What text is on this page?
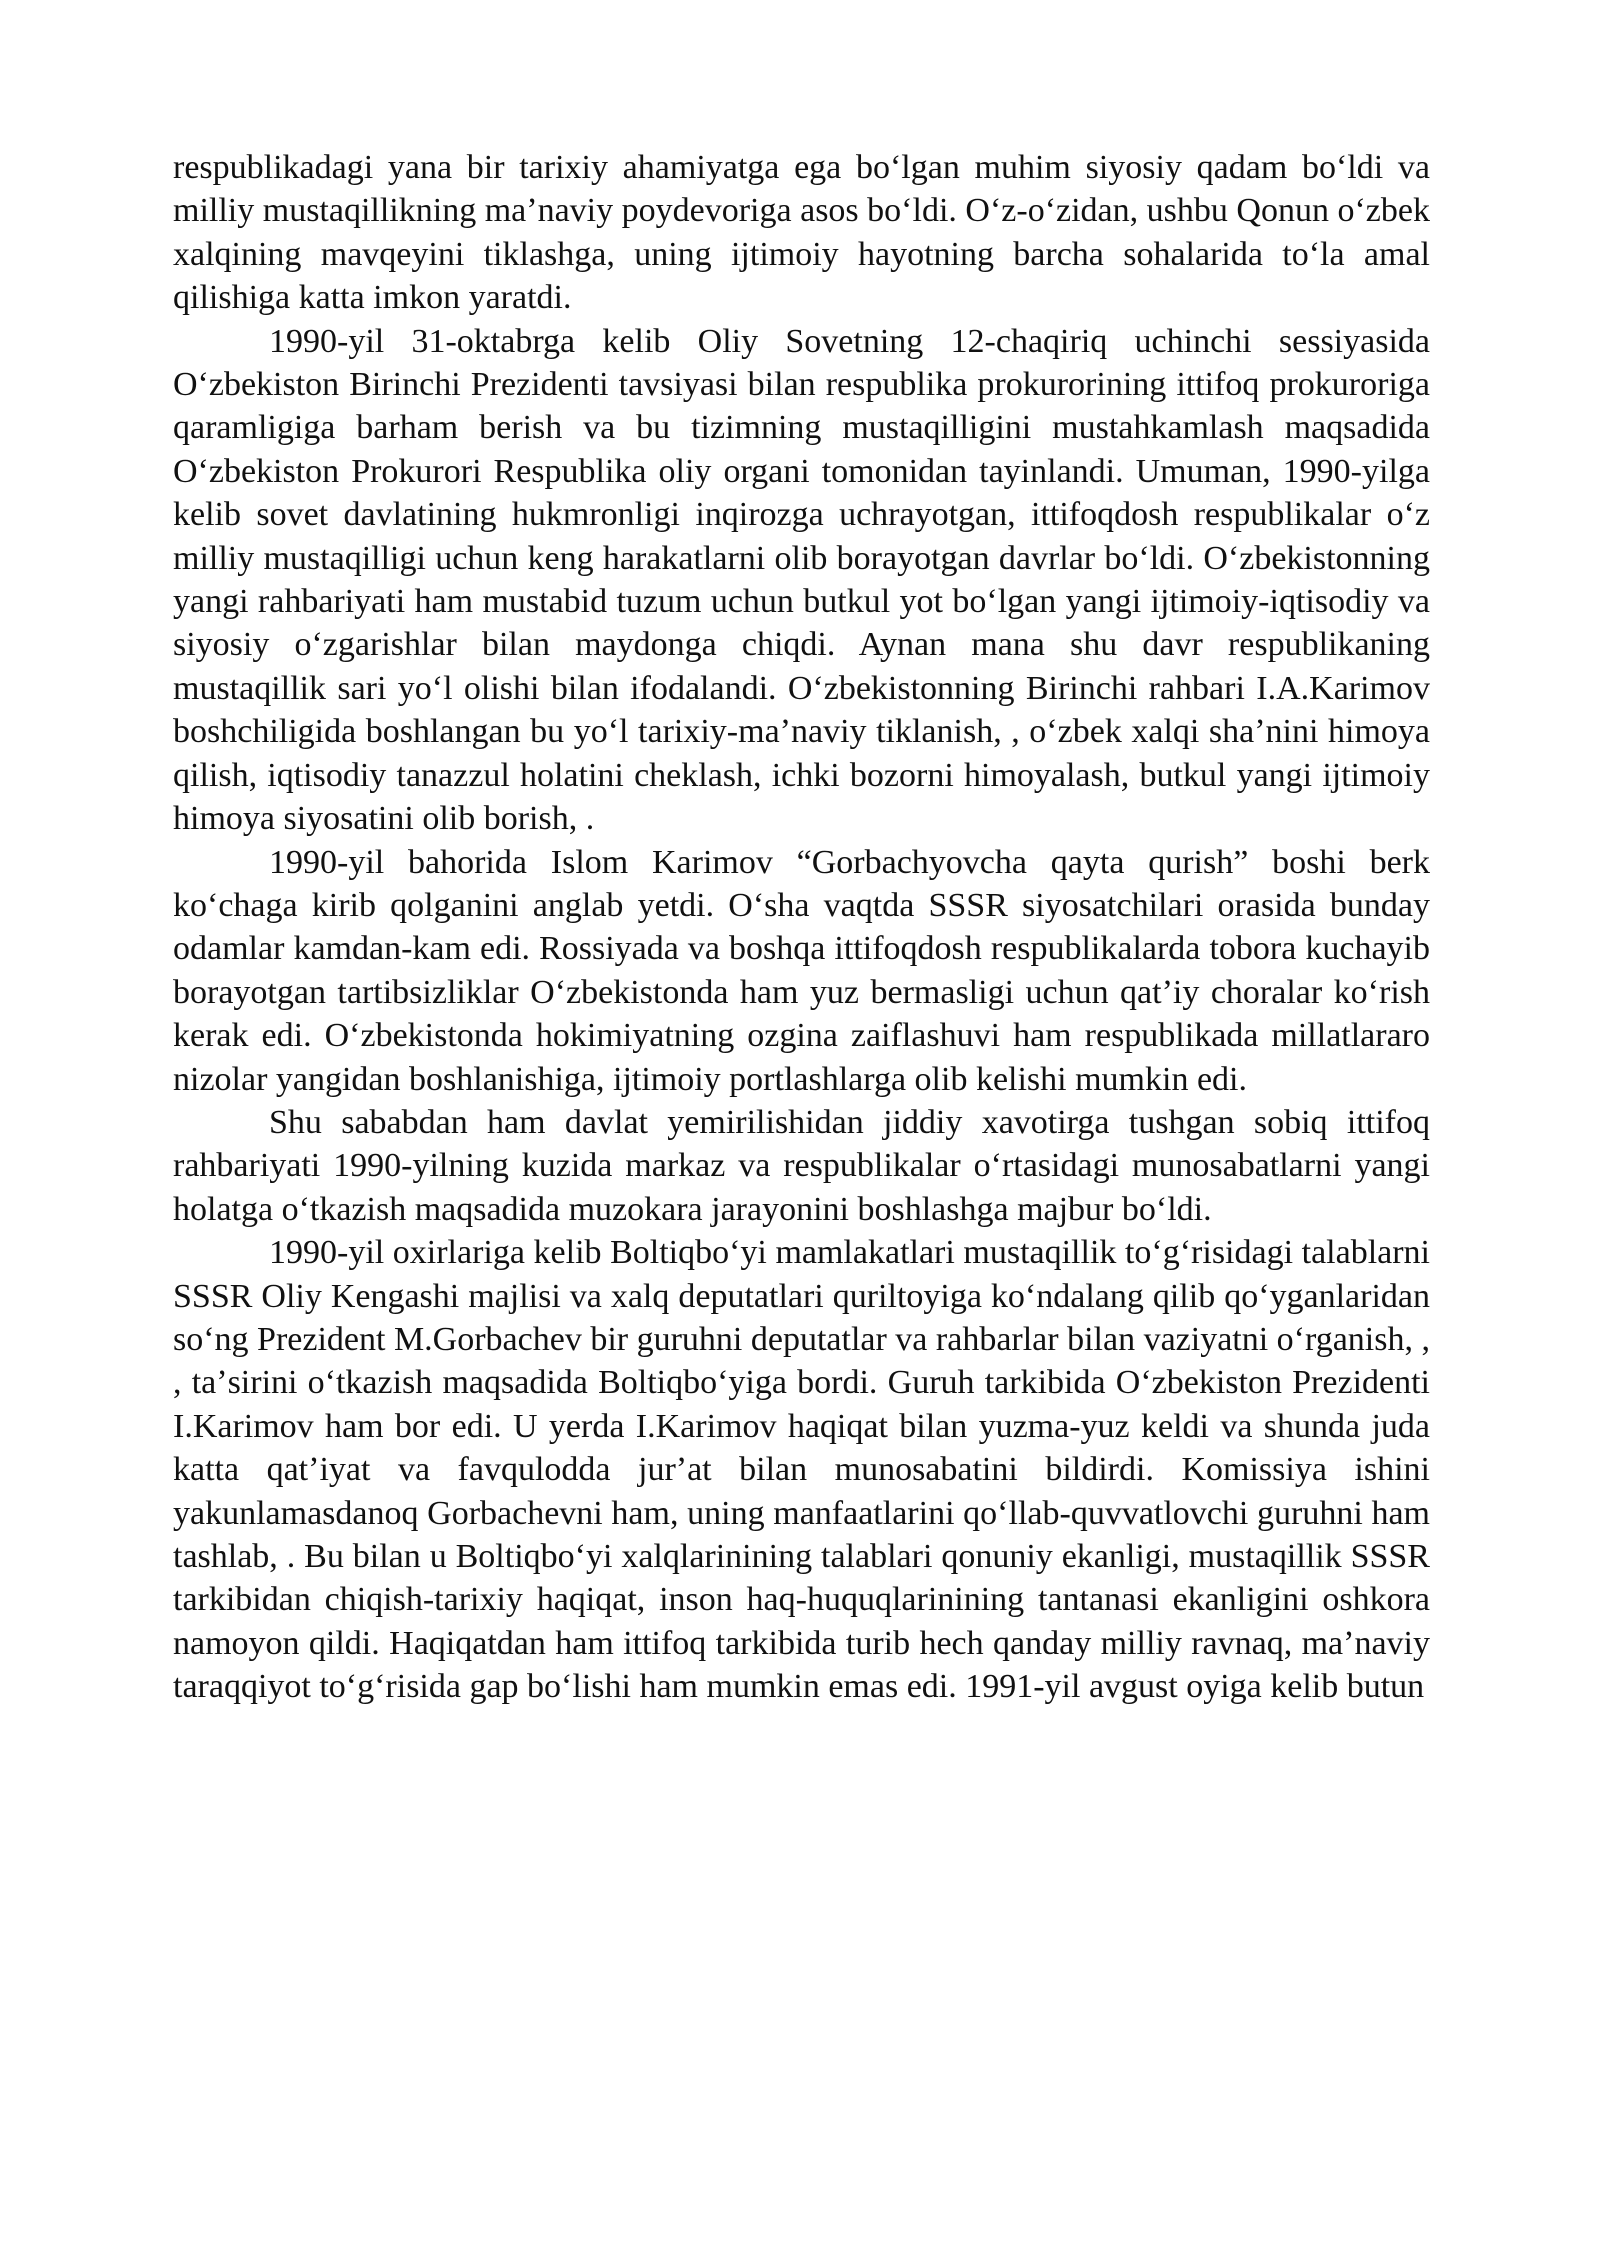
respublikadagi yana bir tarixiy ahamiyatga ega boʻlgan muhim siyosiy qadam boʻldi va milliy mustaqillikning maʼnaviy poydevoriga asos boʻldi. Oʻz-oʻzidan, ushbu Qonun oʻzbek xalqining mavqeyini tiklashga, uning ijtimoiy hayotning barcha sohalarida toʻla amal qilishiga katta imkon yaratdi.

1990-yil 31-oktabrga kelib Oliy Sovetning 12-chaqiriq uchinchi sessiyasida Oʻzbekiston Birinchi Prezidenti tavsiyasi bilan respublika prokurorining ittifoq prokuroriga qaramligiga barham berish va bu tizimning mustaqilligini mustahkamlash maqsadida Oʻzbekiston Prokurori Respublika oliy organi tomonidan tayinlandi. Umuman, 1990-yilga kelib sovet davlatining hukmronligi inqirozga uchrayotgan, ittifoqdosh respublikalar oʻz milliy mustaqilligi uchun keng harakatlarni olib borayotgan davrlar boʻldi. Oʻzbekistonning yangi rahbariyati ham mustabid tuzum uchun butkul yot boʻlgan yangi ijtimoiy-iqtisodiy va siyosiy oʻzgarishlar bilan maydonga chiqdi. Aynan mana shu davr respublikaning mustaqillik sari yoʻl olishi bilan ifodalandi. Oʻzbekistonning Birinchi rahbari I.A.Karimov boshchiligida boshlangan bu yoʻl tarixiy-maʼnaviy tiklanish, , oʻzbek xalqi shaʼnini himoya qilish, iqtisodiy tanazzul holatini cheklash, ichki bozorni himoyalash, butkul yangi ijtimoiy himoya siyosatini olib borish, .

1990-yil bahorida Islom Karimov “Gorbachyovcha qayta qurish” boshi berk koʻchaga kirib qolganini anglab yetdi. Oʻsha vaqtda SSSR siyosatchilari orasida bunday odamlar kamdan-kam edi. Rossiyada va boshqa ittifoqdosh respublikalarda tobora kuchayib borayotgan tartibsizliklar Oʻzbekistonda ham yuz bermasligi uchun qatʼiy choralar koʻrish kerak edi. Oʻzbekistonda hokimiyatning ozgina zaiflashuvi ham respublikada millatlararo nizolar yangidan boshlanishiga, ijtimoiy portlashlarga olib kelishi mumkin edi.

Shu sababdan ham davlat yemirilishidan jiddiy xavotirga tushgan sobiq ittifoq rahbariyati 1990-yilning kuzida markaz va respublikalar oʻrtasidagi munosabatlarni yangi holatga oʻtkazish maqsadida muzokara jarayonini boshlashga majbur boʻldi.

1990-yil oxirlariga kelib Boltiqboʻyi mamlakatlari mustaqillik toʻgʻrisidagi talablarni SSSR Oliy Kengashi majlisi va xalq deputatlari quriltoyiga koʻndalang qilib qoʻyganlaridan soʻng Prezident M.Gorbachev bir guruhni deputatlar va rahbarlar bilan vaziyatni oʻrganish, , , taʼsirini oʻtkazish maqsadida Boltiqboʻyiga bordi. Guruh tarkibida Oʻzbekiston Prezidenti I.Karimov ham bor edi. U yerda I.Karimov haqiqat bilan yuzma-yuz keldi va shunda juda katta qatʼiyat va favqulodda jurʼat bilan munosabatini bildirdi. Komissiya ishini yakunlamasdanoq Gorbachevni ham, uning manfaatlarini qoʻllab-quvvatlovchi guruhni ham tashlab, . Bu bilan u Boltiqboʻyi xalqlarinining talablari qonuniy ekanligi, mustaqillik SSSR tarkibidan chiqish-tarixiy haqiqat, inson haq-huquqlarinining tantanasi ekanligini oshkora namoyon qildi. Haqiqatdan ham ittifoq tarkibida turib hech qanday milliy ravnaq, maʼnaviy taraqqiyot toʻgʻrisida gap boʻlishi ham mumkin emas edi. 1991-yil avgust oyiga kelib butun
